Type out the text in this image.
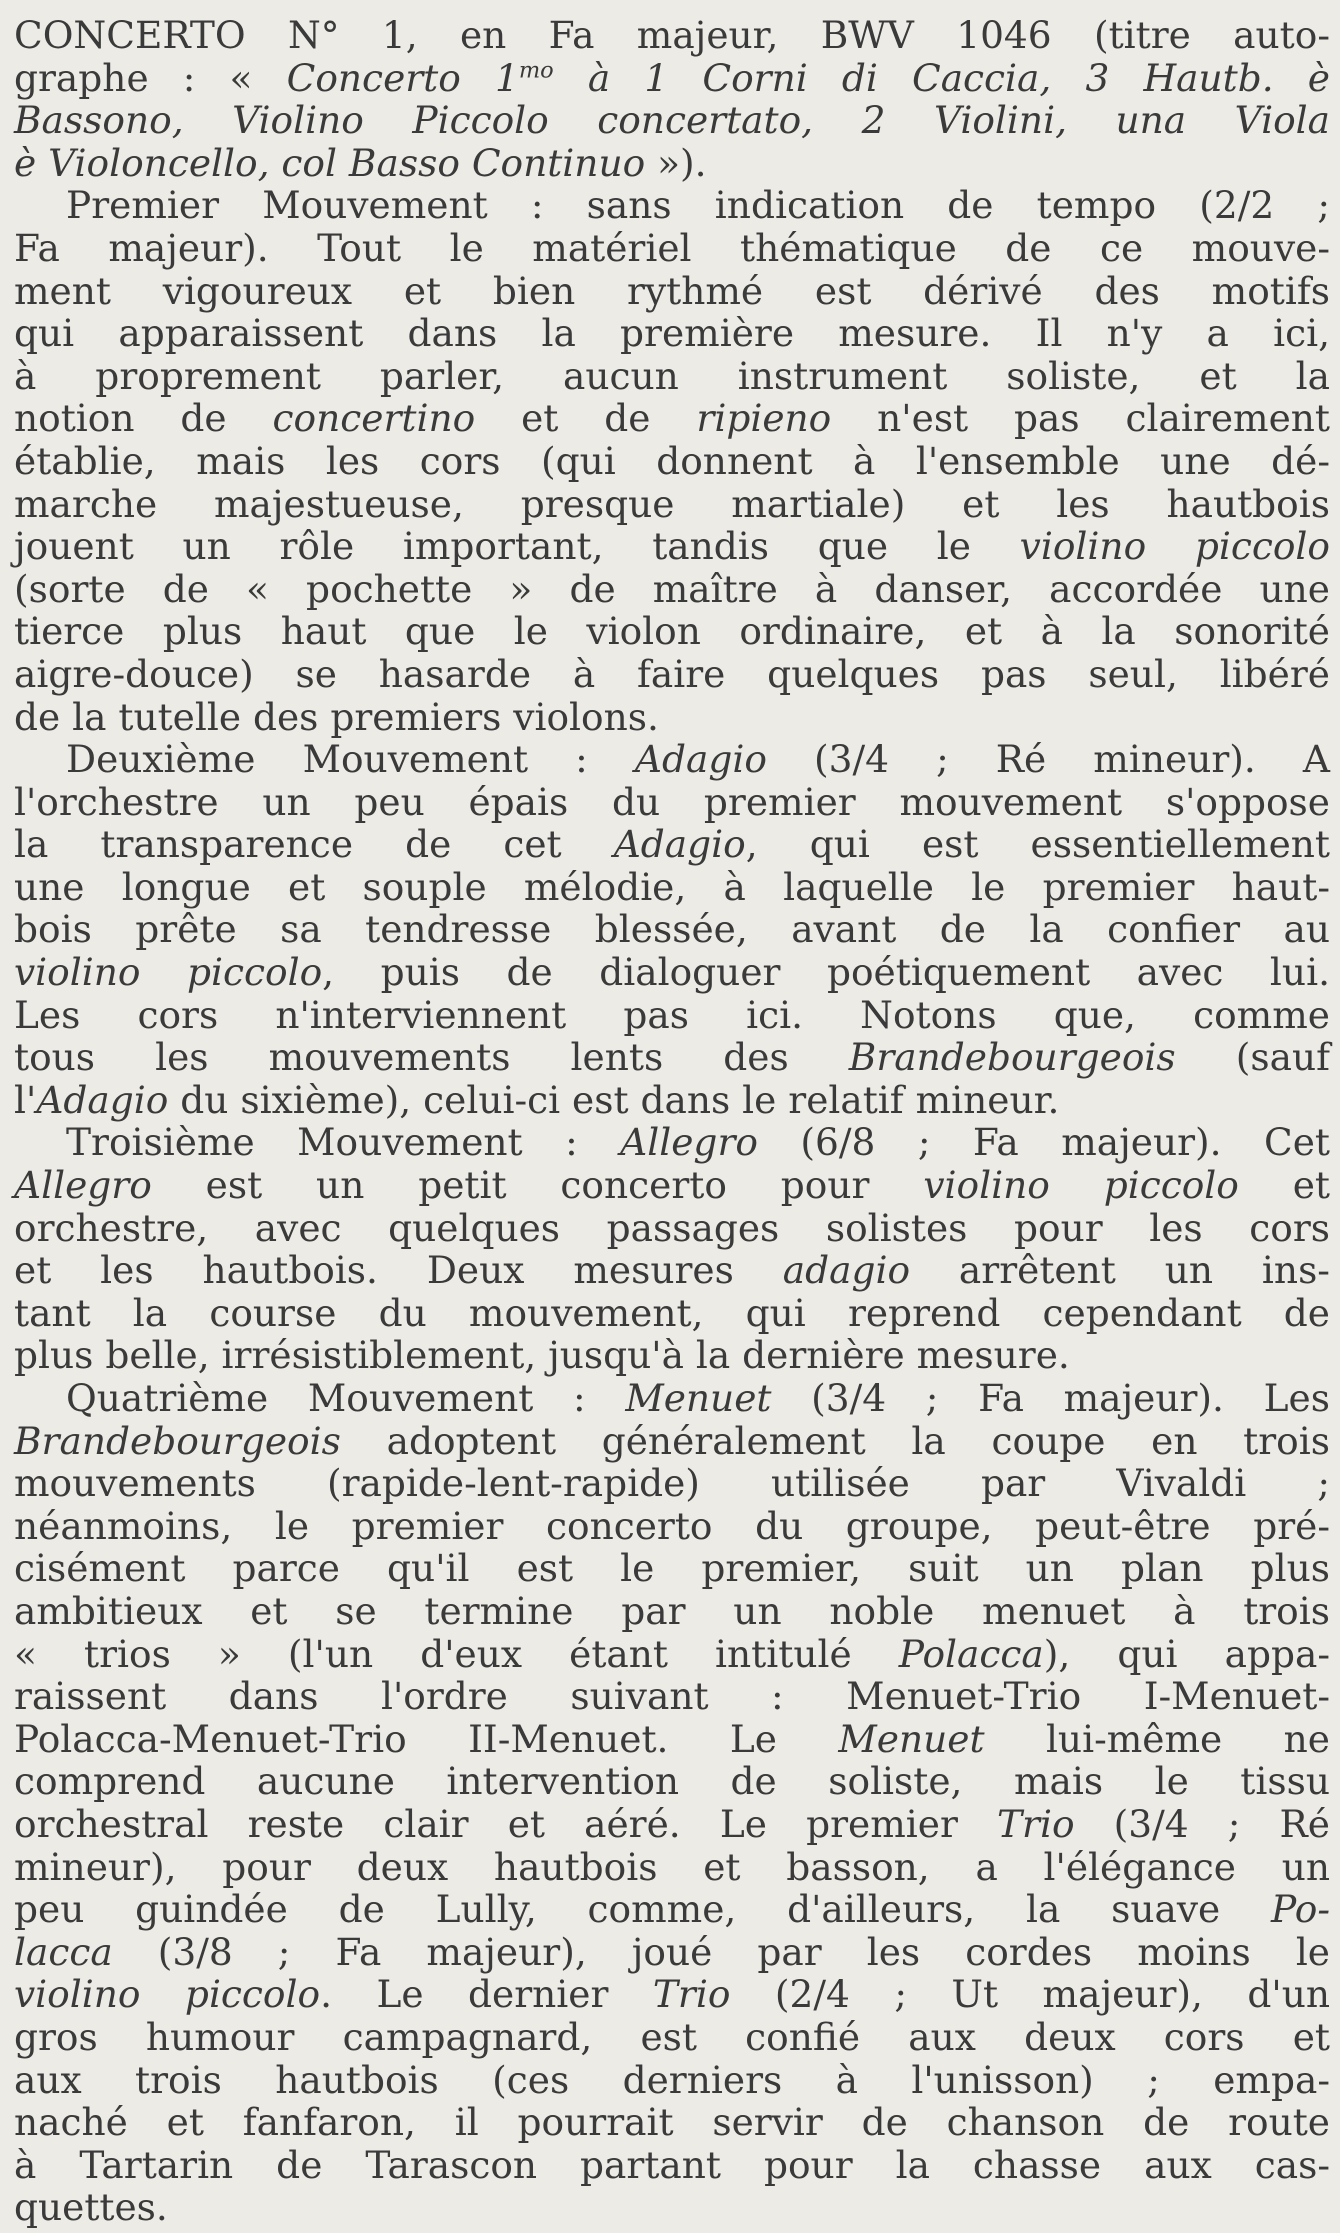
CONCERTO N° 1, en Fa majeur, BWV 1046 (titre auto-
graphe : « Concerto $1^{mo}$ à 1 Corni di Caccia, 3 Hautb. è
Bassono, Violino Piccolo concertato, 2 Violini, una Viola
è Violoncello, col Basso Continuo »).
Premier Mouvement : sans indication de tempo (2/2 ;
Fa majeur). Tout le matériel thématique de ce mouve-
ment vigoureux et bien rythmé est dérivé des motifs
qui apparaissent dans la première mesure. Il n'y a ici,
à proprement parler, aucun instrument soliste, et la
notion de concertino et de ripieno n'est pas clairement
établie, mais les cors (qui donnent à l'ensemble une dé-
marche majestueuse, presque martiale) et les hautbois
jouent un rôle important, tandis que le violino piccolo
(sorte de « pochette » de maître à danser, accordée une
tierce plus haut que le violon ordinaire, et à la sonorité
aigre-douce) se hasarde à faire quelques pas seul, libéré
de la tutelle des premiers violons.
Deuxième Mouvement : Adagio (3/4 ; Ré mineur). A
l'orchestre un peu épais du premier mouvement s'oppose
la transparence de cet Adagio, qui est essentiellement
une longue et souple mélodie, à laquelle le premier haut-
bois prête sa tendresse blessée, avant de la confier au
violino piccolo, puis de dialoguer poétiquement avec lui.
Les cors n'interviennent pas ici. Notons que, comme
tous les mouvements lents des Brandebourgeois (sauf
l'Adagio du sixième), celui-ci est dans le relatif mineur.
Troisième Mouvement : Allegro (6/8 ; Fa majeur). Cet
Allegro est un petit concerto pour violino piccolo et
orchestre, avec quelques passages solistes pour les cors
et les hautbois. Deux mesures adagio arrêtent un ins-
tant la course du mouvement, qui reprend cependant de
plus belle, irrésistiblement, jusqu'à la dernière mesure.
Quatrième Mouvement : Menuet (3/4 ; Fa majeur). Les
Brandebourgeois adoptent généralement la coupe en trois
mouvements (rapide-lent-rapide) utilisée par Vivaldi ;
néanmoins, le premier concerto du groupe, peut-être pré-
cisément parce qu'il est le premier, suit un plan plus
ambitieux et se termine par un noble menuet à trois
« trios » (l'un d'eux étant intitulé Polacca), qui appa-
raissent dans l'ordre suivant : Menuet-Trio I-Menuet-
Polacca-Menuet-Trio II-Menuet. Le Menuet lui-même ne
comprend aucune intervention de soliste, mais le tissu
orchestral reste clair et aéré. Le premier Trio (3/4 ; Ré
mineur), pour deux hautbois et basson, a l'élégance un
peu guindée de Lully, comme, d'ailleurs, la suave Po-
lacca (3/8 ; Fa majeur), joué par les cordes moins le
violino piccolo. Le dernier Trio (2/4 ; Ut majeur), d'un
gros humour campagnard, est confié aux deux cors et
aux trois hautbois (ces derniers à l'unisson) ; empa-
naché et fanfaron, il pourrait servir de chanson de route
à Tartarin de Tarascon partant pour la chasse aux cas-
quettes.
